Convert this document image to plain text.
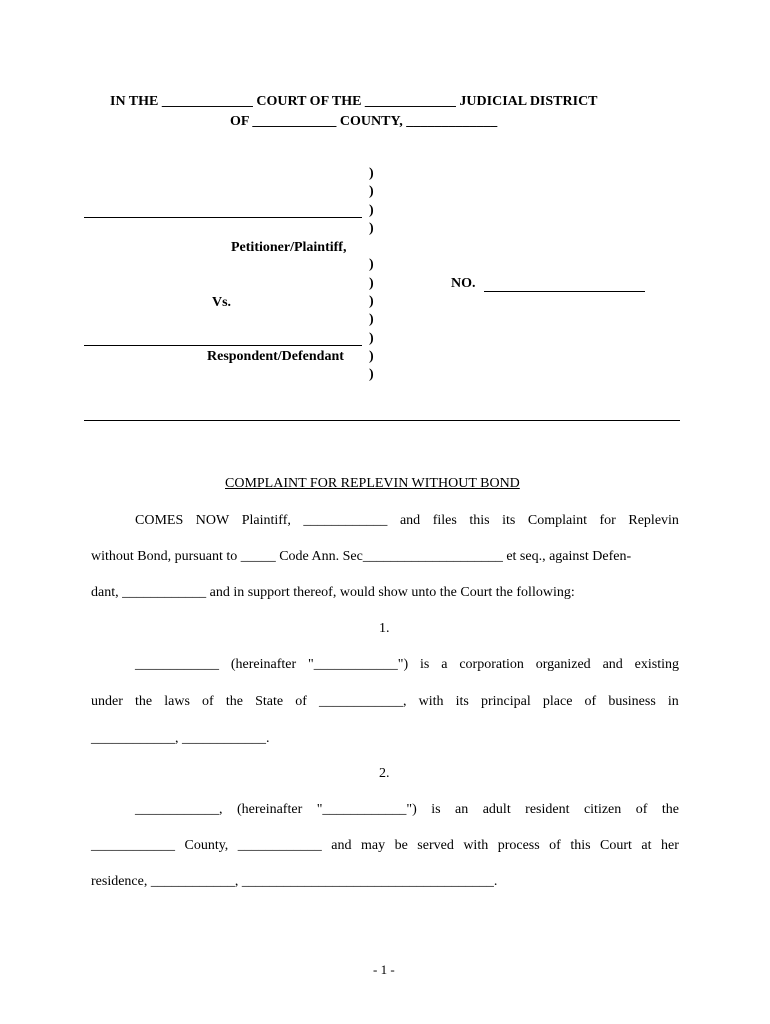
IN THE _____________ COURT OF THE _____________ JUDICIAL DISTRICT
OF ____________ COUNTY, _____________
)
)
)
)
)
)
)
)
)
)
)
Petitioner/Plaintiff,
Vs.
Respondent/Defendant
NO.
COMPLAINT FOR REPLEVIN WITHOUT BOND
COMES NOW Plaintiff, ____________ and files this its Complaint for Replevin
without Bond, pursuant to _____ Code Ann. Sec____________________ et seq., against Defen-
dant, ____________ and in support thereof, would show unto the Court the following:
1.
____________ (hereinafter "____________") is a corporation organized and existing
under the laws of the State of ____________, with its principal place of business in
____________, ____________.
2.
____________, (hereinafter "____________") is an adult resident citizen of the
____________ County, ____________ and may be served with process of this Court at her
residence, ____________, ____________________________________.
- 1 -
